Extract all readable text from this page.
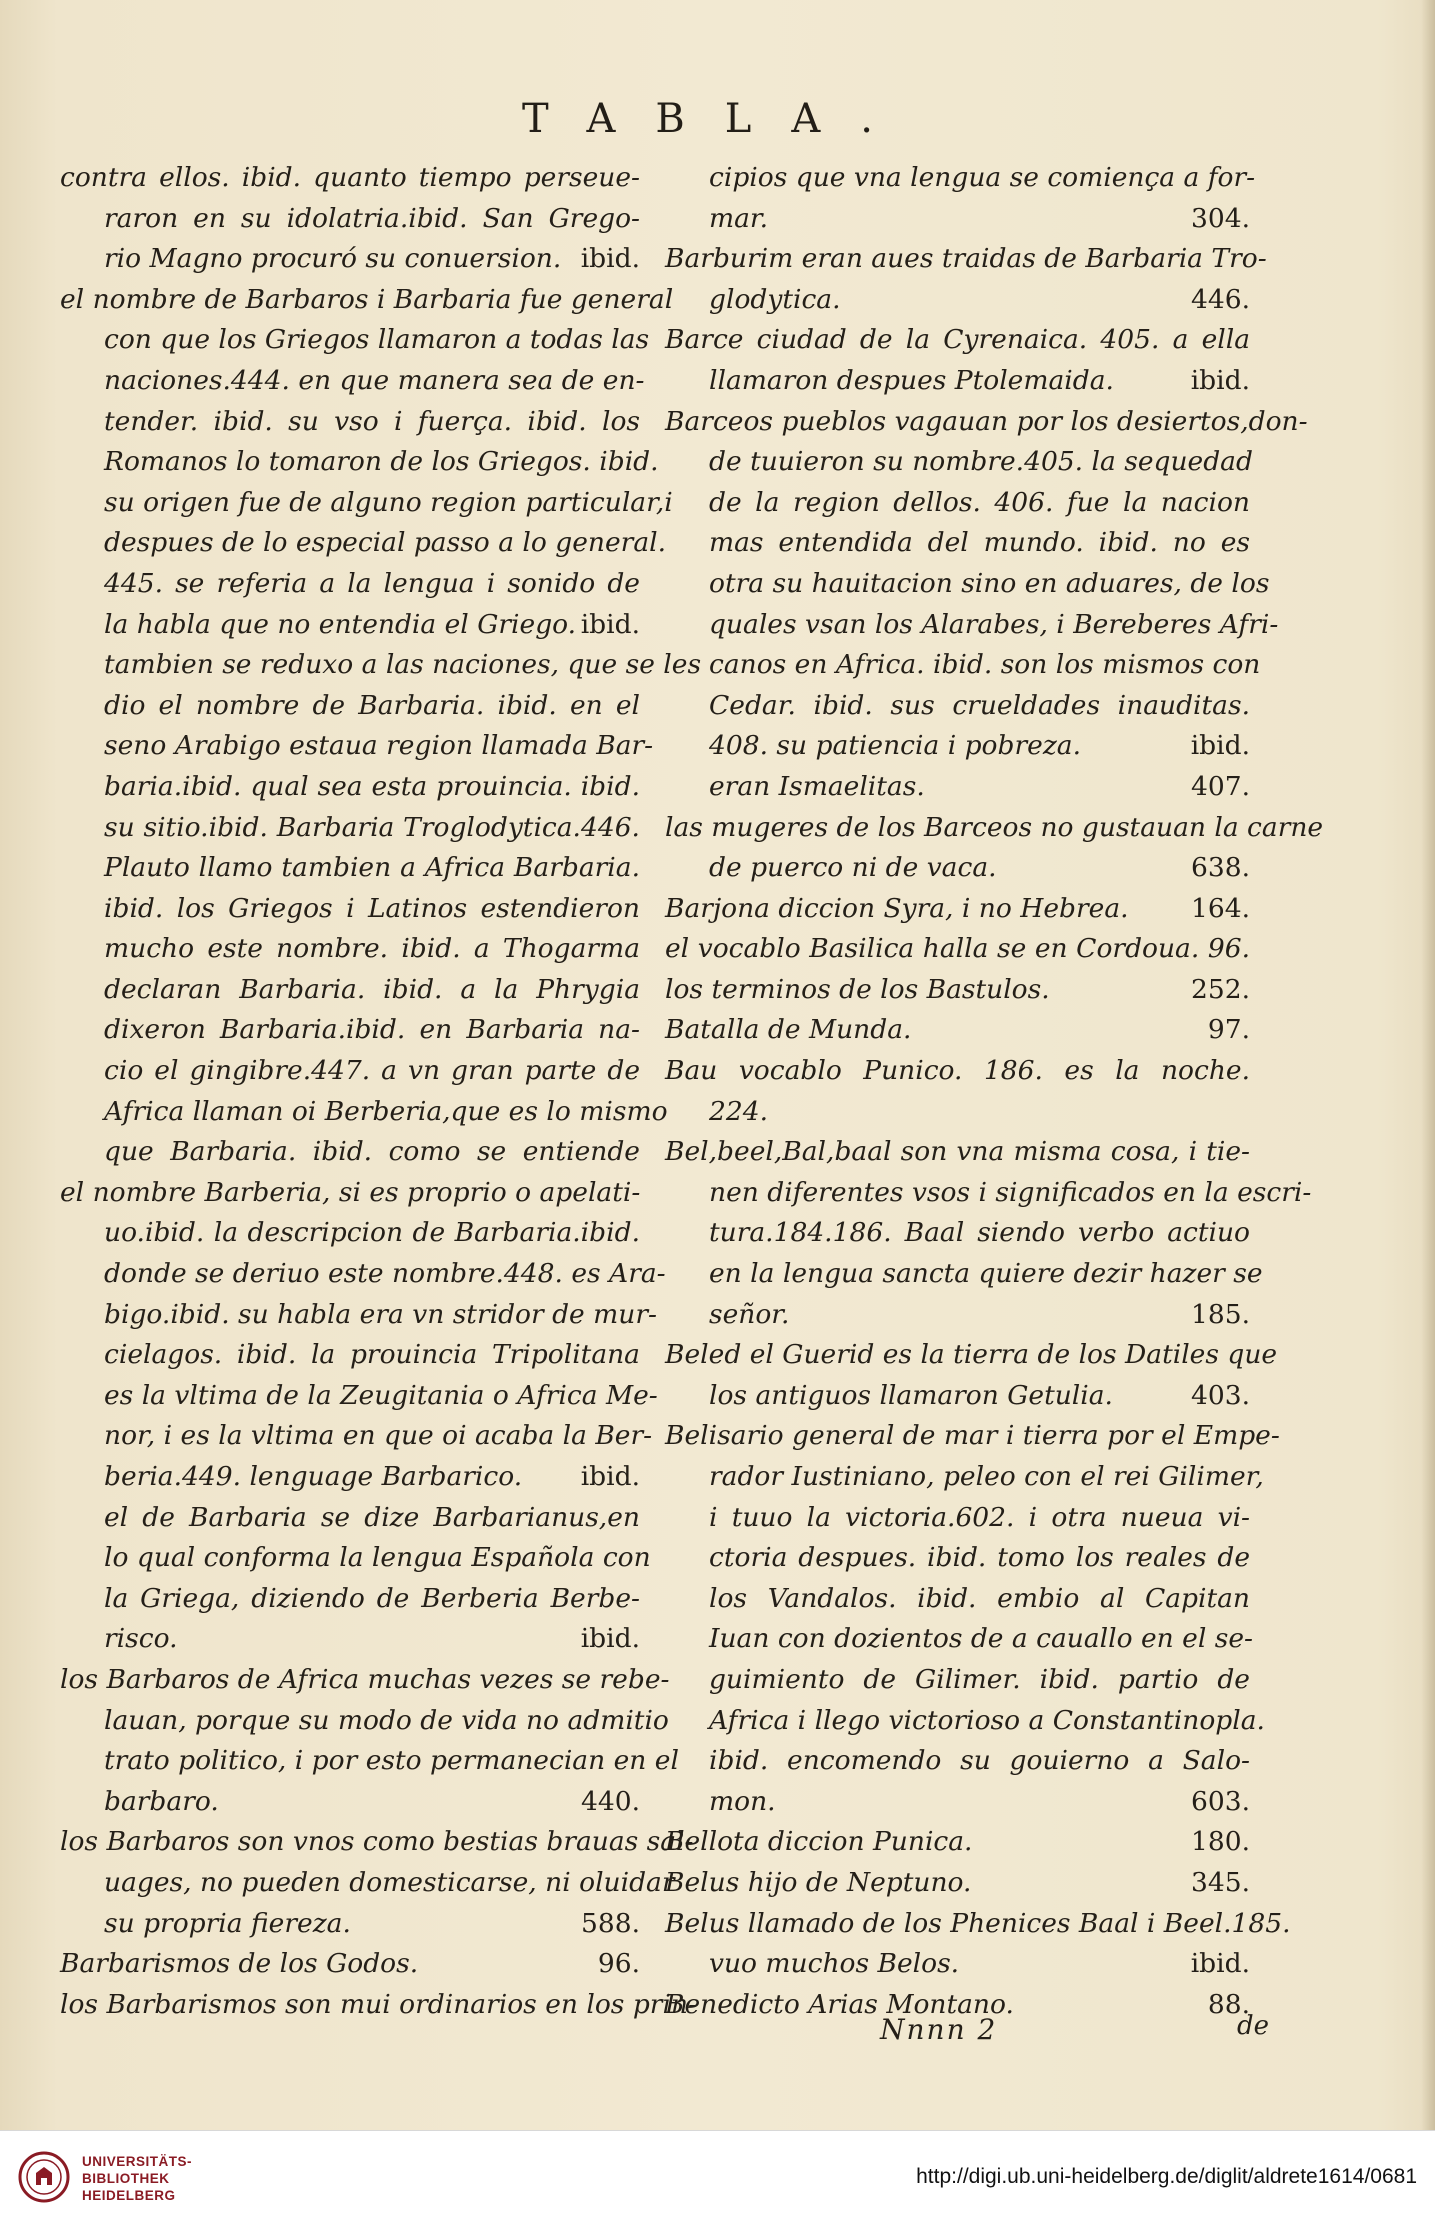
TABLA.
contra ellos. ibid. quanto tiempo perseue-
raron en su idolatria.ibid. San Grego-
rio Magno procuró su conuersion. ibid.
el nombre de Barbaros i Barbaria fue general
con que los Griegos llamaron a todas las
naciones.444. en que manera sea de en-
tender. ibid. su vso i fuerça. ibid. los
Romanos lo tomaron de los Griegos. ibid.
su origen fue de alguno region particular,i
despues de lo especial passo a lo general.
445. se referia a la lengua i sonido de
la habla que no entendia el Griego. ibid.
tambien se reduxo a las naciones, que se les
dio el nombre de Barbaria. ibid. en el
seno Arabigo estaua region llamada Bar-
baria.ibid. qual sea esta prouincia. ibid.
su sitio.ibid. Barbaria Troglodytica.446.
Plauto llamo tambien a Africa Barbaria.
ibid. los Griegos i Latinos estendieron
mucho este nombre. ibid. a Thogarma
declaran Barbaria. ibid. a la Phrygia
dixeron Barbaria.ibid. en Barbaria na-
cio el gingibre.447. a vn gran parte de
Africa llaman oi Berberia,que es lo mismo
que Barbaria. ibid. como se entiende
el nombre Barberia, si es proprio o apelati-
uo.ibid. la descripcion de Barbaria.ibid.
donde se deriuo este nombre.448. es Ara-
bigo.ibid. su habla era vn stridor de mur-
cielagos. ibid. la prouincia Tripolitana
es la vltima de la Zeugitania o Africa Me-
nor, i es la vltima en que oi acaba la Ber-
beria.449. lenguage Barbarico. ibid.
el de Barbaria se dize Barbarianus,en
lo qual conforma la lengua Española con
la Griega, diziendo de Berberia Berbe-
risco.	ibid.
los Barbaros de Africa muchas vezes se rebe-
lauan, porque su modo de vida no admitio
trato politico, i por esto permanecian en el
barbaro.	440.
los Barbaros son vnos como bestias brauas sal-
uages, no pueden domesticarse, ni oluidar
su propria fiereza.	588.
Barbarismos de los Godos.	96.
los Barbarismos son mui ordinarios en los prin-
cipios que vna lengua se comiença a for-
mar.	304.
Barburim eran aues traidas de Barbaria Tro-
glodytica.	446.
Barce ciudad de la Cyrenaica. 405. a ella
llamaron despues Ptolemaida.	ibid.
Barceos pueblos vagauan por los desiertos,don-
de tuuieron su nombre.405. la sequedad
de la region dellos. 406. fue la nacion
mas entendida del mundo. ibid. no es
otra su hauitacion sino en aduares, de los
quales vsan los Alarabes, i Bereberes Afri-
canos en Africa. ibid. son los mismos con
Cedar. ibid. sus crueldades inauditas.
408. su patiencia i pobreza.	ibid.
eran Ismaelitas.	407.
las mugeres de los Barceos no gustauan la carne
de puerco ni de vaca.	638.
Barjona diccion Syra, i no Hebrea. 164.
el vocablo Basilica halla se en Cordoua. 96.
los terminos de los Bastulos.	252.
Batalla de Munda.	97.
Bau vocablo Punico. 186. es la noche.
224.
Bel,beel,Bal,baal son vna misma cosa, i tie-
nen diferentes vsos i significados en la escri-
tura.184.186. Baal siendo verbo actiuo
en la lengua sancta quiere dezir hazer se
señor.	185.
Beled el Guerid es la tierra de los Datiles que
los antiguos llamaron Getulia.	403.
Belisario general de mar i tierra por el Empe-
rador Iustiniano, peleo con el rei Gilimer,
i tuuo la victoria.602. i otra nueua vi-
ctoria despues. ibid. tomo los reales de
los Vandalos. ibid. embio al Capitan
Iuan con dozientos de a cauallo en el se-
guimiento de Gilimer. ibid. partio de
Africa i llego victorioso a Constantinopla.
ibid. encomendo su gouierno a Salo-
mon.	603.
Bellota diccion Punica.	180.
Belus hijo de Neptuno.	345.
Belus llamado de los Phenices Baal i Beel.185.
vuo muchos Belos.	ibid.
Benedicto Arias Montano.	88.
Nnnn 2	de
UNIVERSITÄTS-
BIBLIOTHEK
HEIDELBERG
http://digi.ub.uni-heidelberg.de/diglit/aldrete1614/0681
